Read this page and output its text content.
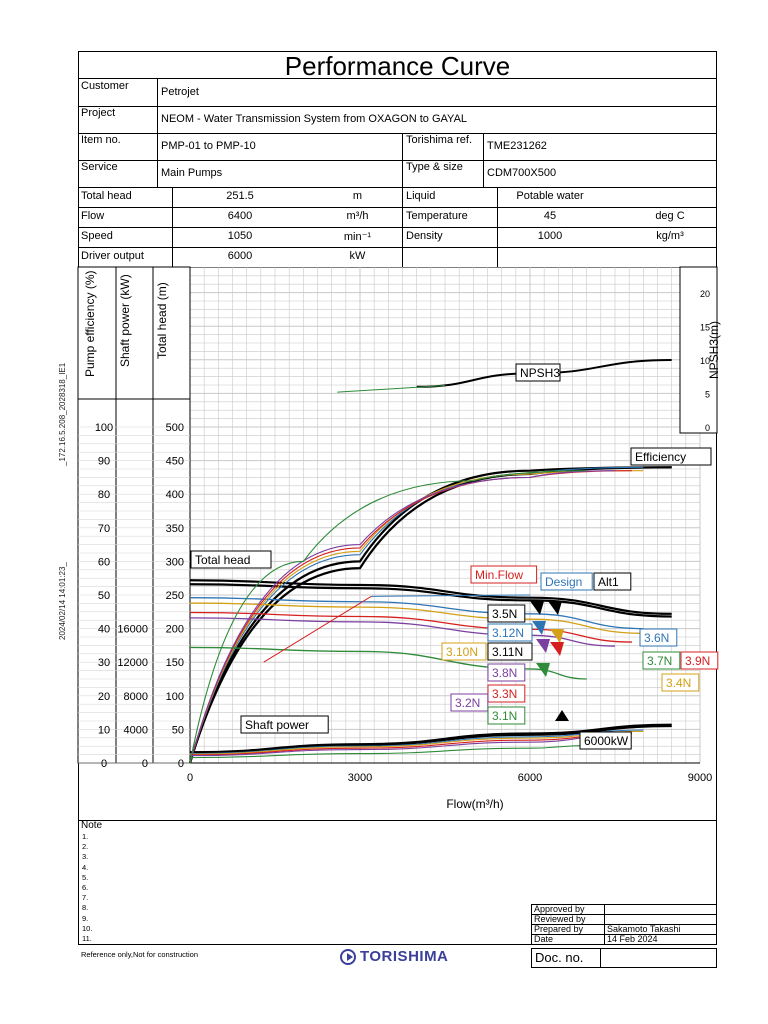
Performance Curve
Customer	Petrojet
Project	NEOM - Water Transmission System from OXAGON to GAYAL
Item no.	PMP-01 to PMP-10	Torishima ref. TME231262
Service	Main Pumps	Type & size CDM700X500
Total head	251.5	m	Liquid	Potable water
Flow	6400	m³/h	Temperature	45	deg C
Speed	1050	min⁻¹	Density	1000	kg/m³
Driver output	6000	kW
Pump efficiency (%) Shaft power (kW) Total head (m)	NPSH3(m)
0
10
20
30
40
50
60
70
80
90
100
0
4000
8000
12000
16000
0
50
100
150
200
250
300
350
400
450
500	0
5
10
15
20
0	3000	6000	9000
Flow(m³/h)
NPSH3
Efficiency
Total head
Shaft power
Min.Flow Design Alt1
6000kW
3.5N
3.12N
3.11N
3.10N
3.8N
3.3N
3.2N
3.1N
3.6N
3.7N 3.9N
3.4N
_172.16.5.208_2028318_IE1
2024/02/14 14:01:23_
Note
1.
2.
3.
4.
5.
6.
7.
8.
9.
10.
11.
Approved by	
Reviewed by	
Prepared by	Sakamoto Takashi
Date	14 Feb 2024
Reference only,Not for construction	TORISHIMA	Doc. no.
